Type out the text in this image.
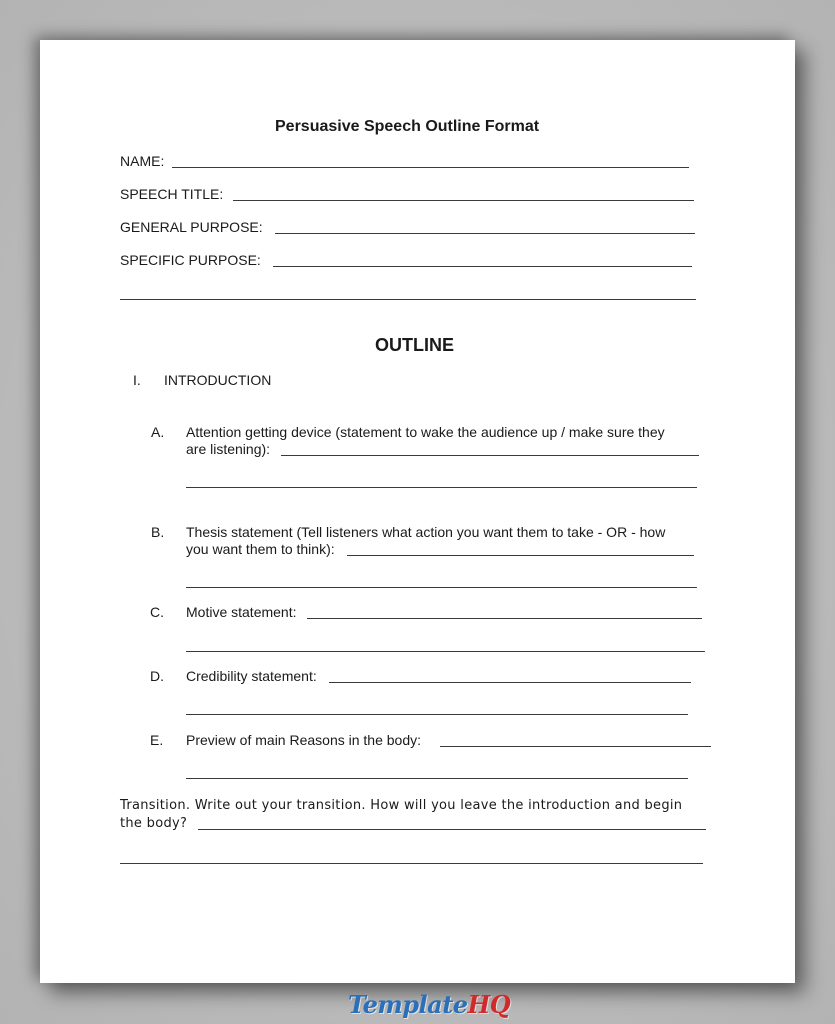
Persuasive Speech Outline Format
NAME:
SPEECH TITLE:
GENERAL PURPOSE:
SPECIFIC PURPOSE:
OUTLINE
I. INTRODUCTION
A. Attention getting device (statement to wake the audience up / make sure they
are listening):
B. Thesis statement (Tell listeners what action you want them to take - OR - how
you want them to think):
C. Motive statement:
D. Credibility statement:
E. Preview of main Reasons in the body:
Transition. Write out your transition. How will you leave the introduction and begin
the body?
TemplateHQ
